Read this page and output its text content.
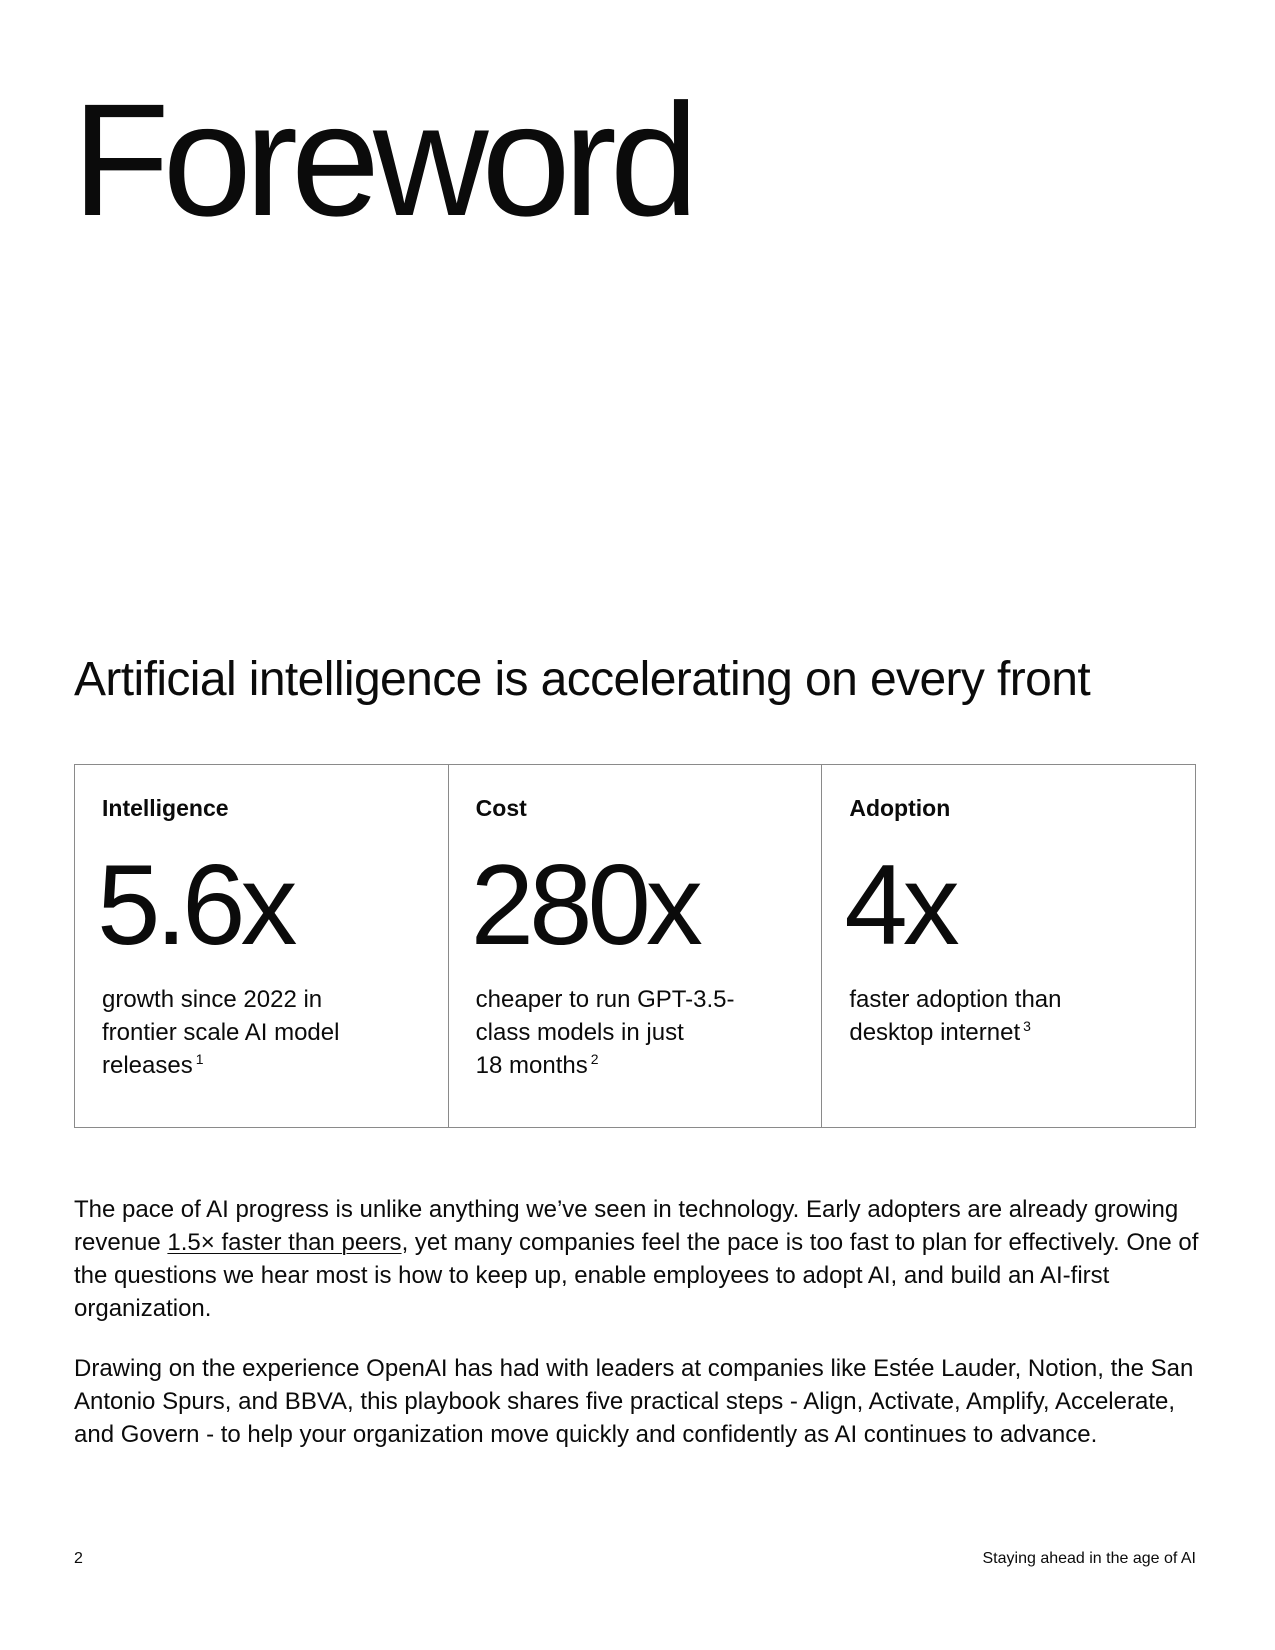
Foreword
Artificial intelligence is accelerating on every front
Intelligence
5.6x
growth since 2022 in frontier scale AI model releases $^1$
Cost
280x
cheaper to run GPT-3.5-
class models in just
18 months $^2$
Adoption
4x
faster adoption than desktop internet $^3$

The pace of AI progress is unlike anything we’ve seen in technology. Early adopters are already growing revenue 1.5× faster than peers, yet many companies feel the pace is too fast to plan for effectively. One of the questions we hear most is how to keep up, enable employees to adopt AI, and build an AI-first organization.

Drawing on the experience OpenAI has had with leaders at companies like Estée Lauder, Notion, the San Antonio Spurs, and BBVA, this playbook shares five practical steps - Align, Activate, Amplify, Accelerate, and Govern - to help your organization move quickly and confidently as AI continues to advance.

2	Staying ahead in the age of AI
